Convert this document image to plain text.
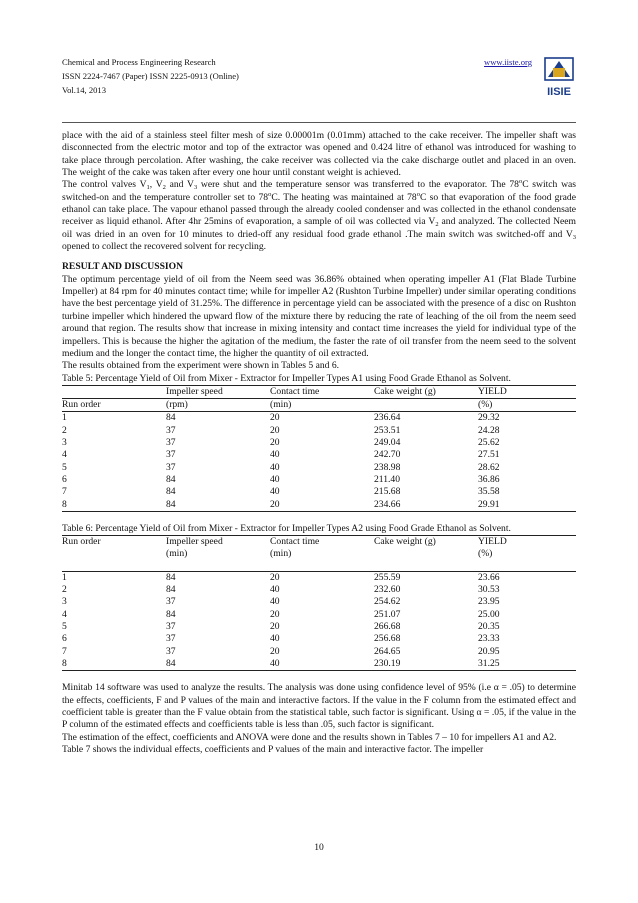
Chemical and Process Engineering Research

ISSN 2224-7467 (Paper) ISSN 2225-0913 (Online)

Vol.14, 2013

www.iiste.org
IISIE

place with the aid of a stainless steel filter mesh of size 0.00001m (0.01mm) attached to the cake receiver. The impeller shaft was disconnected from the electric motor and top of the extractor was opened and 0.424 litre of ethanol was introduced for washing to take place through percolation. After washing, the cake receiver was collected via the cake discharge outlet and placed in an oven. The weight of the cake was taken after every one hour until constant weight is achieved.

The control valves $V_1$, $V_2$ and $V_3$ were shut and the temperature sensor was transferred to the evaporator. The 78$^o$C switch was switched-on and the temperature controller set to 78$^o$C. The heating was maintained at 78$^o$C so that evaporation of the food grade ethanol can take place. The vapour ethanol passed through the already cooled condenser and was collected in the ethanol condensate receiver as liquid ethanol. After 4hr 25mins of evaporation, a sample of oil was collected via $V_2$ and analyzed. The collected Neem oil was dried in an oven for 10 minutes to dried-off any residual food grade ethanol .The main switch was switched-off and $V_3$ opened to collect the recovered solvent for recycling.

RESULT AND DISCUSSION

The optimum percentage yield of oil from the Neem seed was 36.86% obtained when operating impeller A1 (Flat Blade Turbine Impeller) at 84 rpm for 40 minutes contact time; while for impeller A2 (Rushton Turbine Impeller) under similar operating conditions have the best percentage yield of 31.25%. The difference in percentage yield can be associated with the presence of a disc on Rushton turbine impeller which hindered the upward flow of the mixture there by reducing the rate of leaching of the oil from the neem seed around that region. The results show that increase in mixing intensity and contact time increases the yield for individual type of the impellers. This is because the higher the agitation of the medium, the faster the rate of oil transfer from the neem seed to the solvent medium and the longer the contact time, the higher the quantity of oil extracted.

The results obtained from the experiment were shown in Tables 5 and 6.

Table 5: Percentage Yield of Oil from Mixer - Extractor for Impeller Types A1 using Food Grade Ethanol as Solvent.
	Impeller speed	Contact time	Cake weight (g)	YIELD
Run order	(rpm)	(min)		(%)
1	84	20	236.64	29.32
2	37	20	253.51	24.28
3	37	20	249.04	25.62
4	37	40	242.70	27.51
5	37	40	238.98	28.62
6	84	40	211.40	36.86
7	84	40	215.68	35.58
8	84	20	234.66	29.91
Table 6: Percentage Yield of Oil from Mixer - Extractor for Impeller Types A2 using Food Grade Ethanol as Solvent.
Run order	Impeller speed	Contact time	Cake weight (g)	YIELD
	(min)	(min)		(%)

1	84	20	255.59	23.66
2	84	40	232.60	30.53
3	37	40	254.62	23.95
4	84	20	251.07	25.00
5	37	20	266.68	20.35
6	37	40	256.68	23.33
7	37	20	264.65	20.95
8	84	40	230.19	31.25

Minitab 14 software was used to analyze the results. The analysis was done using confidence level of 95% (i.e α = .05) to determine the effects, coefficients, F and P values of the main and interactive factors. If the value in the F column from the estimated effect and coefficient table is greater than the F value obtain from the statistical table, such factor is significant. Using α = .05, if the value in the P column of the estimated effects and coefficients table is less than .05, such factor is significant.

The estimation of the effect, coefficients and ANOVA were done and the results shown in Tables 7 – 10 for impellers A1 and A2.

Table 7 shows the individual effects, coefficients and P values of the main and interactive factor. The impeller

10
